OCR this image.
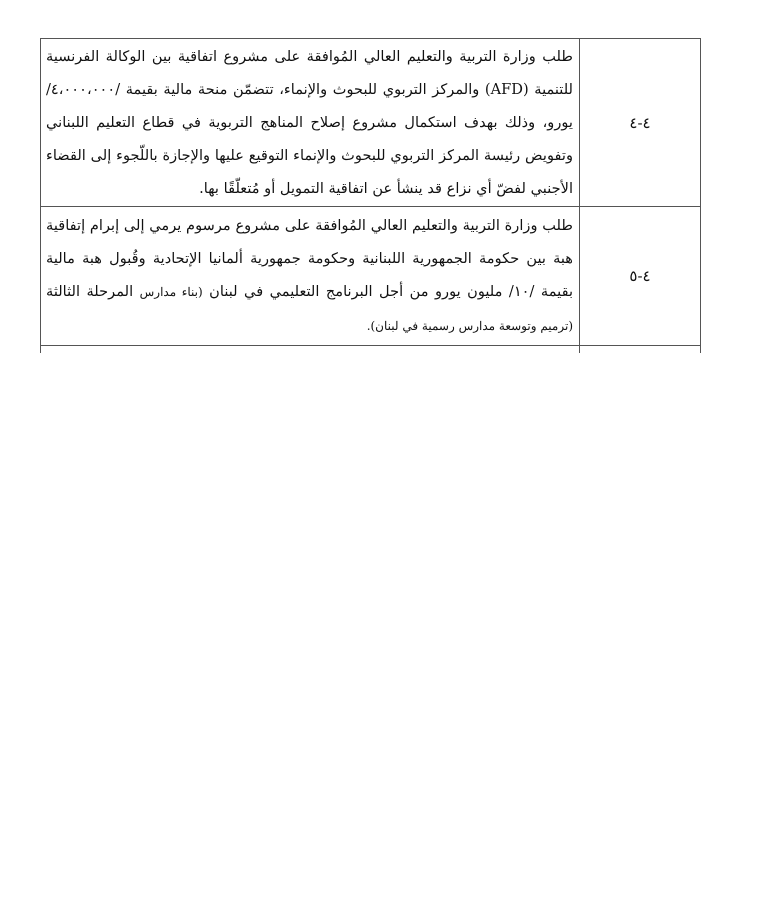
٤-٤	طلب وزارة التربية والتعليم العالي المُوافقة على مشروع اتفاقية بين الوكالة الفرنسية للتنمية (AFD) والمركز التربوي للبحوث والإنماء، تتضمّن منحة مالية بقيمة /٤،٠٠٠،٠٠٠/ يورو، وذلك بهدف استكمال مشروع إصلاح المناهج التربوية في قطاع التعليم اللبناني وتفويض رئيسة المركز التربوي للبحوث والإنماء التوقيع عليها والإجازة باللّجوء إلى القضاء الأجنبي لفضّ أي نزاع قد ينشأ عن اتفاقية التمويل أو مُتعلّقًا بها.

٤-٥	طلب وزارة التربية والتعليم العالي المُوافقة على مشروع مرسوم يرمي إلى إبرام إتفاقية هبة بين حكومة الجمهورية اللبنانية وحكومة جمهورية ألمانيا الإتحادية وقُبول هبة مالية بقيمة /١٠/ مليون يورو من أجل البرنامج التعليمي في لبنان (بناء مدارس المرحلة الثالثة (ترميم وتوسعة مدارس رسمية في لبنان).
